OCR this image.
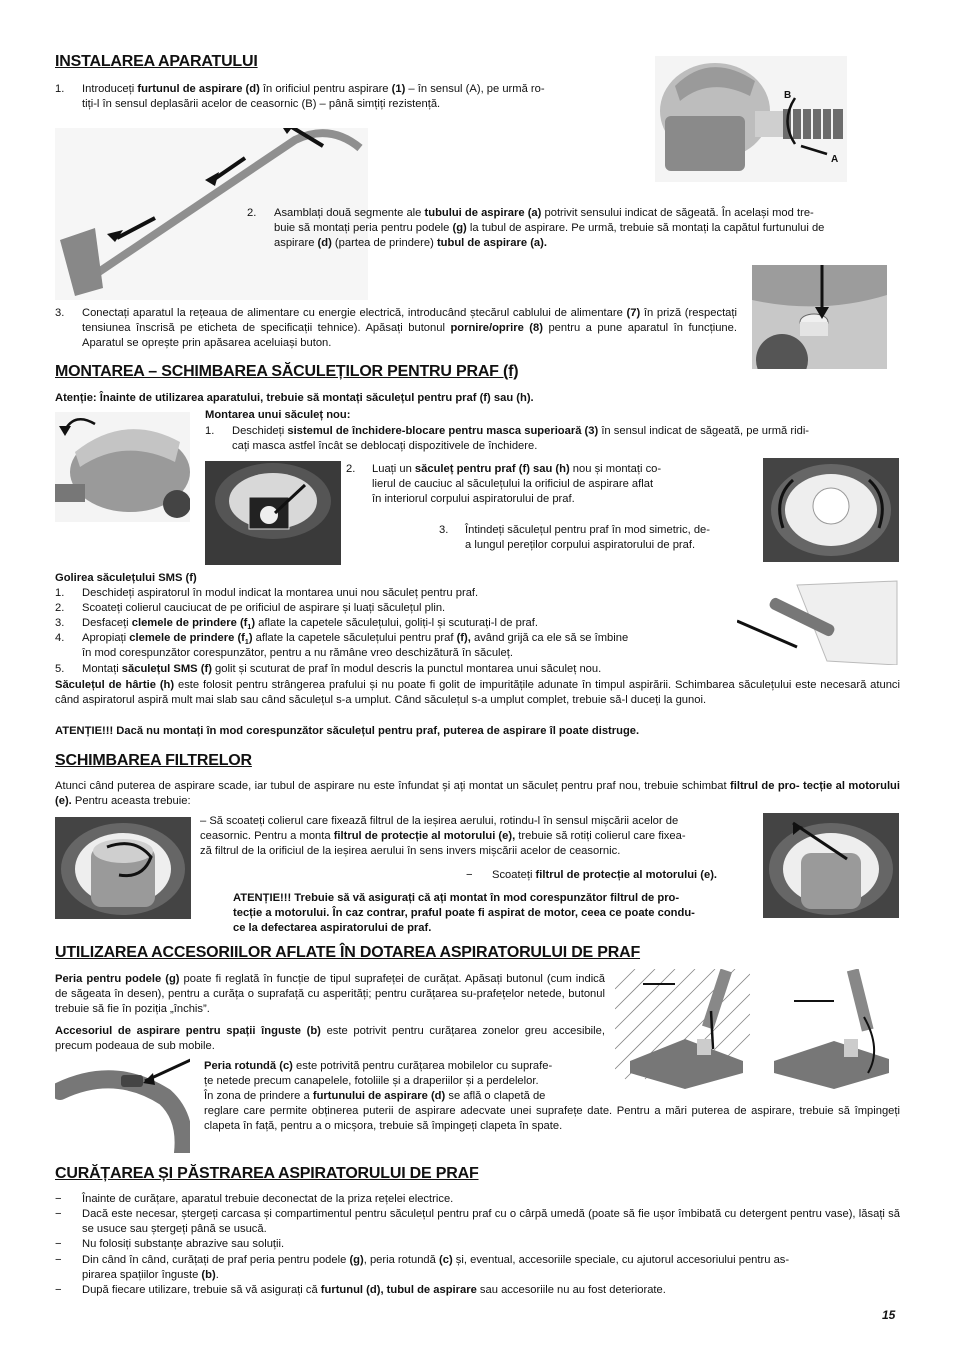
INSTALAREA APARATULUI
1. Introduceți furtunul de aspirare (d) în orificiul pentru aspirare (1) – în sensul (A), pe urmă ro-
tiți-l în sensul deplasării acelor de ceasornic (B) – până simțiți rezistență.
B
A
2. Asamblați două segmente ale tubului de aspirare (a) potrivit sensului indicat de săgeată. În același mod tre-
buie să montați peria pentru podele (g) la tubul de aspirare. Pe urmă, trebuie să montați la capătul furtunului de
aspirare (d) (partea de prindere) tubul de aspirare (a).
3. Conectați aparatul la rețeaua de alimentare cu energie electrică, introducând ștecărul cablului de alimentare (7) în priză (respectați tensiunea înscrisă pe eticheta de specificații tehnice). Apăsați butonul pornire/oprire (8) pentru a pune aparatul în funcțiune. Aparatul se oprește prin apăsarea aceluiași buton.
MONTAREA – SCHIMBAREA SĂCULEȚILOR PENTRU PRAF (f)
Atenție: Înainte de utilizarea aparatului, trebuie să montați săculețul pentru praf (f) sau (h).
Montarea unui săculeț nou:
1. Deschideți sistemul de închidere-blocare pentru masca superioară (3) în sensul indicat de săgeată, pe urmă ridi-
cați masca astfel încât se deblocați dispozitivele de închidere.
2. Luați un săculeț pentru praf (f) sau (h) nou și montați co-
lierul de cauciuc al săculețului la orificiul de aspirare aflat
în interiorul corpului aspiratorului de praf.
3. Întindeți săculețul pentru praf în mod simetric, de-
a lungul pereților corpului aspiratorului de praf.
Golirea săculețului SMS (f)
1. Deschideți aspiratorul în modul indicat la montarea unui nou săculeț pentru praf.
2. Scoateți colierul cauciucat de pe orificiul de aspirare și luați săculețul plin.
3. Desfaceți clemele de prindere $(f_1)$ aflate la capetele săculețului, goliți-l și scuturați-l de praf.
4. Apropiați clemele de prindere $(f_1)$ aflate la capetele săculețului pentru praf (f), având grijă ca ele să se îmbine
în mod corespunzător corespunzător, pentru a nu rămâne vreo deschizătură în săculeț.
5. Montați săculețul SMS (f) golit și scuturat de praf în modul descris la punctul montarea unui săculeț nou.
Săculețul de hârtie (h) este folosit pentru strângerea prafului și nu poate fi golit de impuritățile adunate în timpul aspirării. Schimbarea săculețului este necesară atunci când aspiratorul aspiră mult mai slab sau când săculețul s-a umplut. Când săculețul s-a umplut complet, trebuie să-l duceți la gunoi.
ATENȚIE!!! Dacă nu montați în mod corespunzător săculețul pentru praf, puterea de aspirare îl poate distruge.
SCHIMBAREA FILTRELOR
Atunci când puterea de aspirare scade, iar tubul de aspirare nu este înfundat și ați montat un săculeț pentru praf nou, trebuie schimbat filtrul de pro- tecție al motorului (e). Pentru aceasta trebuie:
– Să scoateți colierul care fixează filtrul de la ieșirea aerului, rotindu-l în sensul mișcării acelor de
ceasornic. Pentru a monta filtrul de protecție al motorului (e), trebuie să rotiți colierul care fixea-
ză filtrul de la orificiul de la ieșirea aerului în sens invers mișcării acelor de ceasornic.
− Scoateți filtrul de protecție al motorului (e).
ATENȚIE!!! Trebuie să vă asigurați că ați montat în mod corespunzător filtrul de pro-
tecție a motorului. În caz contrar, praful poate fi aspirat de motor, ceea ce poate condu-
ce la defectarea aspiratorului de praf.
UTILIZAREA ACCESORIILOR AFLATE ÎN DOTAREA ASPIRATORULUI DE PRAF
Peria pentru podele (g) poate fi reglată în funcție de tipul suprafeței de curățat. Apăsați butonul (cum indică de săgeata în desen), pentru a curăța o suprafață cu asperități; pentru curățarea su-prafețelor netede, butonul trebuie să fie în poziția „închis”.
Accesoriul de aspirare pentru spații înguste (b) este potrivit pentru curățarea zonelor greu accesibile, precum podeaua de sub mobile.
Peria rotundă (c) este potrivită pentru curățarea mobilelor cu suprafe-
țe netede precum canapelele, fotoliile și a draperiilor și a perdelelor.
În zona de prindere a furtunului de aspirare (d) se află o clapetă de
reglare care permite obținerea puterii de aspirare adecvate unei suprafețe date. Pentru a mări puterea de aspirare, trebuie să împingeți clapeta în față, pentru a o micșora, trebuie să împingeți clapeta în spate.
CURĂȚAREA ȘI PĂSTRAREA ASPIRATORULUI DE PRAF
− Înainte de curățare, aparatul trebuie deconectat de la priza rețelei electrice.
− Dacă este necesar, ștergeți carcasa și compartimentul pentru săculețul pentru praf cu o cârpă umedă (poate să fie ușor îmbibată cu detergent pentru vase), lăsați să se usuce sau ștergeți până se usucă.
− Nu folosiți substanțe abrazive sau soluții.
− Din când în când, curățați de praf peria pentru podele (g), peria rotundă (c) și, eventual, accesoriile speciale, cu ajutorul accesoriului pentru as-
pirarea spațiilor înguste (b).
− După fiecare utilizare, trebuie să vă asigurați că furtunul (d), tubul de aspirare sau accesoriile nu au fost deteriorate.
15
